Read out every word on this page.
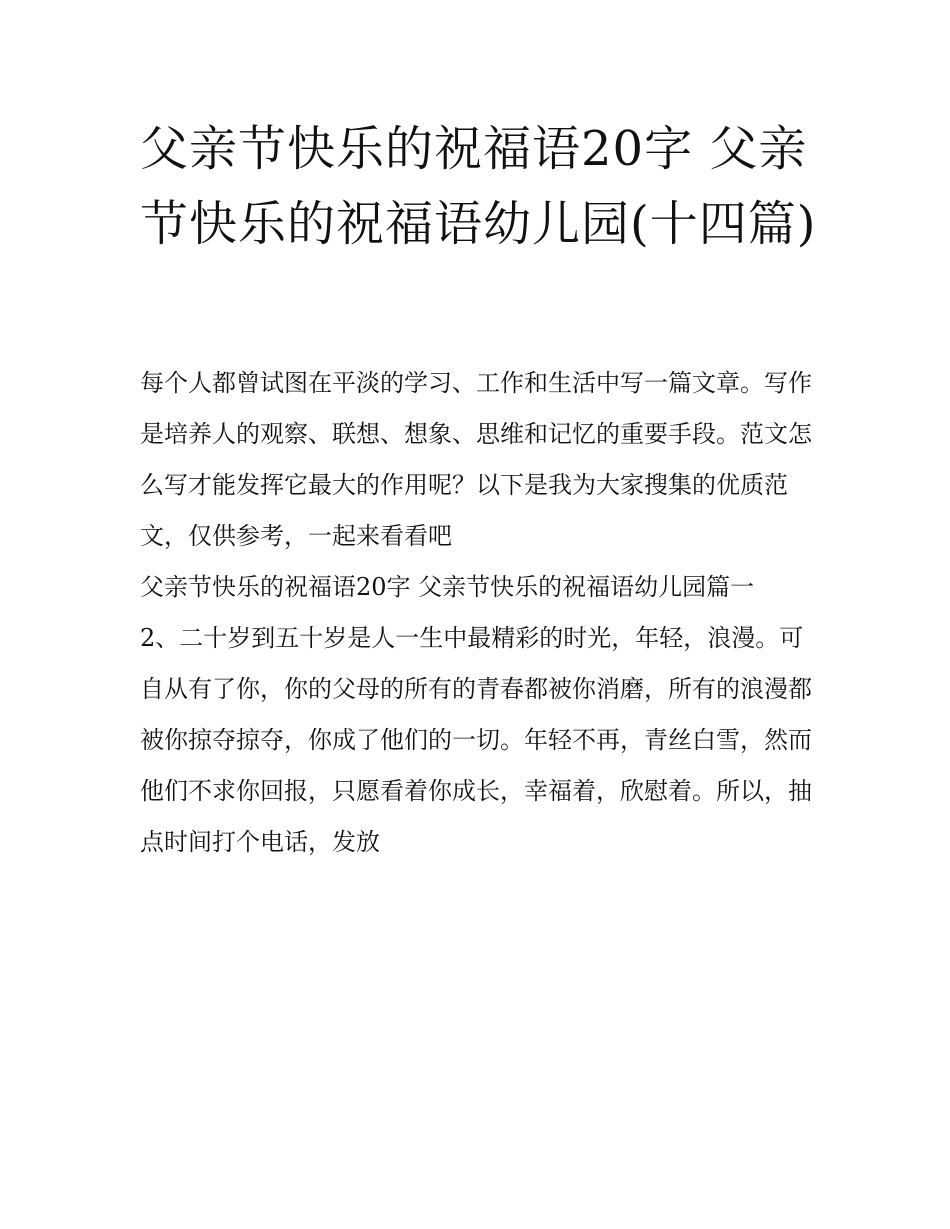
父亲节快乐的祝福语20字 父亲节快乐的祝福语幼儿园(十四篇)

每个人都曾试图在平淡的学习、工作和生活中写一篇文章。写作是培养人的观察、联想、想象、思维和记忆的重要手段。范文怎么写才能发挥它最大的作用呢？以下是我为大家搜集的优质范文，仅供参考，一起来看看吧

父亲节快乐的祝福语20字 父亲节快乐的祝福语幼儿园篇一

2、二十岁到五十岁是人一生中最精彩的时光，年轻，浪漫。可自从有了你，你的父母的所有的青春都被你消磨，所有的浪漫都被你掠夺掠夺，你成了他们的一切。年轻不再，青丝白雪，然而他们不求你回报，只愿看着你成长，幸福着，欣慰着。所以，抽点时间打个电话，发放
